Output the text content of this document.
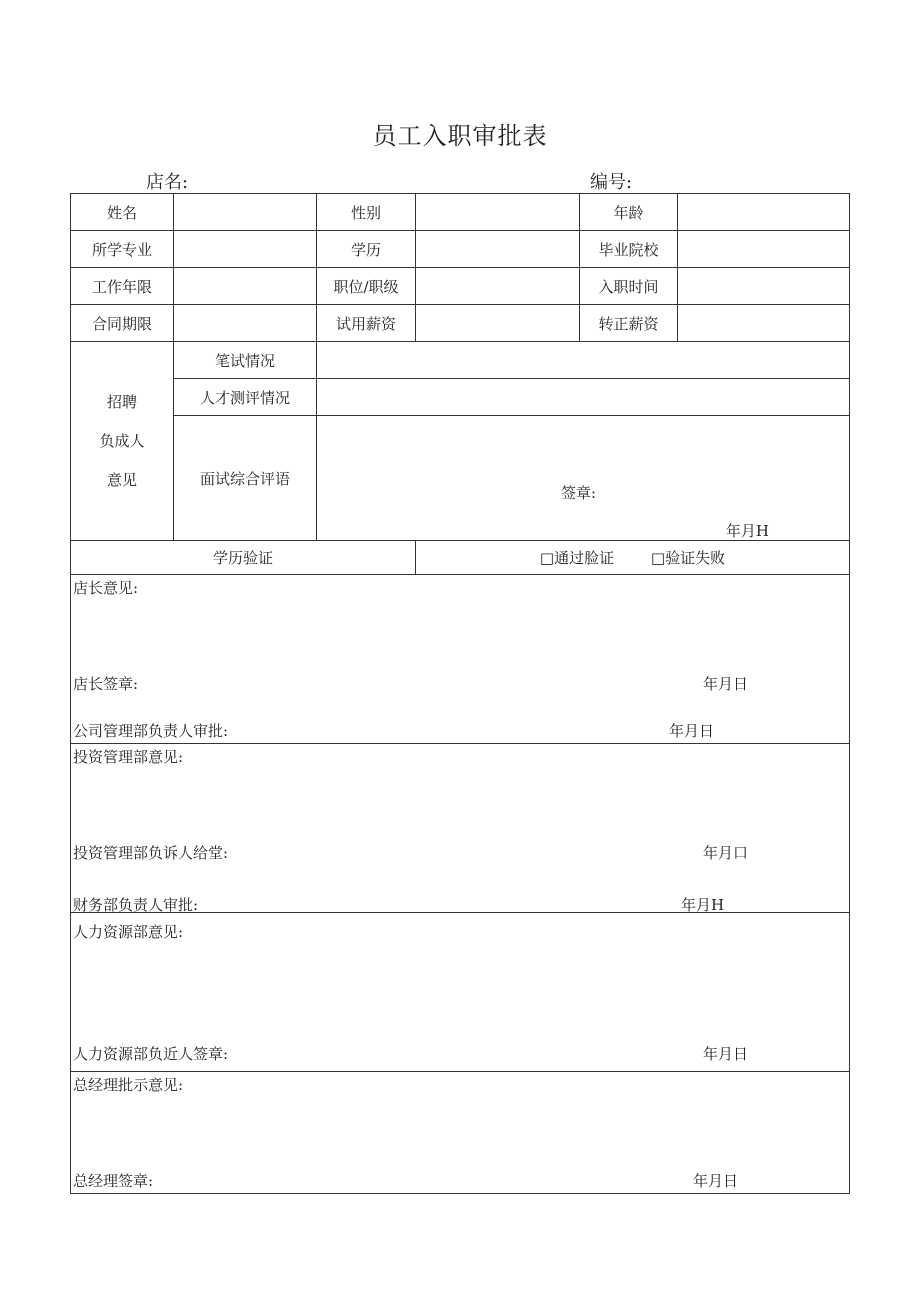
员工入职审批表
店名:	编号:
姓名		性别		年龄	
所学专业		学历		毕业院校	
工作年限		职位/职级		入职时间	
合同期限		试用薪资		转正薪资	

招聘
负成人
意见	笔试情况				
	人才测评情况				
	面试综合评语	签章:
年月H			

学历验证			□通过脸证 □验证失败		

店长意见:
店长签章: 年月日
公司管理部负责人审批: 年月日					

投资管理部意见:
投资管理部负诉人给堂: 年月口
财务部负责人审批: 年月H					

人力资源部意见:
人力资源部负近人签章: 年月日					

总经理批示意见:
总经理签章: 年月日					
